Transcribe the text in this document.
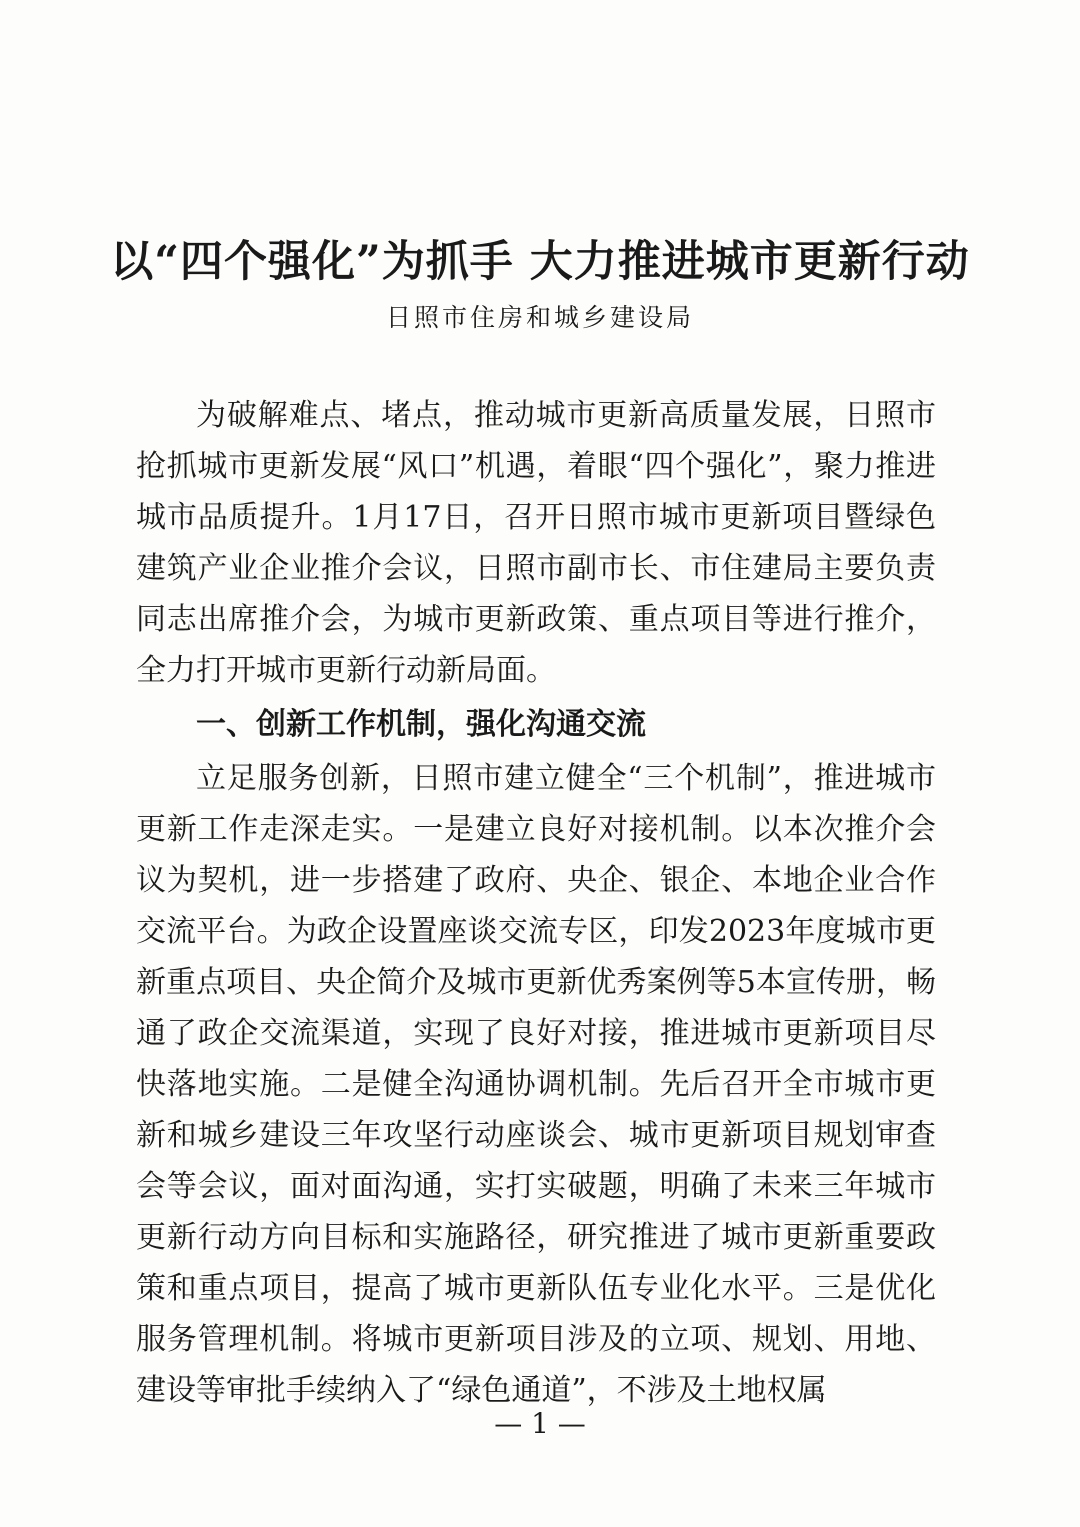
以“四个强化”为抓手 大力推进城市更新行动
日照市住房和城乡建设局

为破解难点、堵点，推动城市更新高质量发展，日照市抢抓城市更新发展“风口”机遇，着眼“四个强化”，聚力推进城市品质提升。1月17日，召开日照市城市更新项目暨绿色建筑产业企业推介会议，日照市副市长、市住建局主要负责同志出席推介会，为城市更新政策、重点项目等进行推介，全力打开城市更新行动新局面。

一、创新工作机制，强化沟通交流

立足服务创新，日照市建立健全“三个机制”，推进城市更新工作走深走实。一是建立良好对接机制。以本次推介会议为契机，进一步搭建了政府、央企、银企、本地企业合作交流平台。为政企设置座谈交流专区，印发2023年度城市更新重点项目、央企简介及城市更新优秀案例等5本宣传册，畅通了政企交流渠道，实现了良好对接，推进城市更新项目尽快落地实施。二是健全沟通协调机制。先后召开全市城市更新和城乡建设三年攻坚行动座谈会、城市更新项目规划审查会等会议，面对面沟通，实打实破题，明确了未来三年城市更新行动方向目标和实施路径，研究推进了城市更新重要政策和重点项目，提高了城市更新队伍专业化水平。三是优化服务管理机制。将城市更新项目涉及的立项、规划、用地、建设等审批手续纳入了“绿色通道”，不涉及土地权属

— 1 —
